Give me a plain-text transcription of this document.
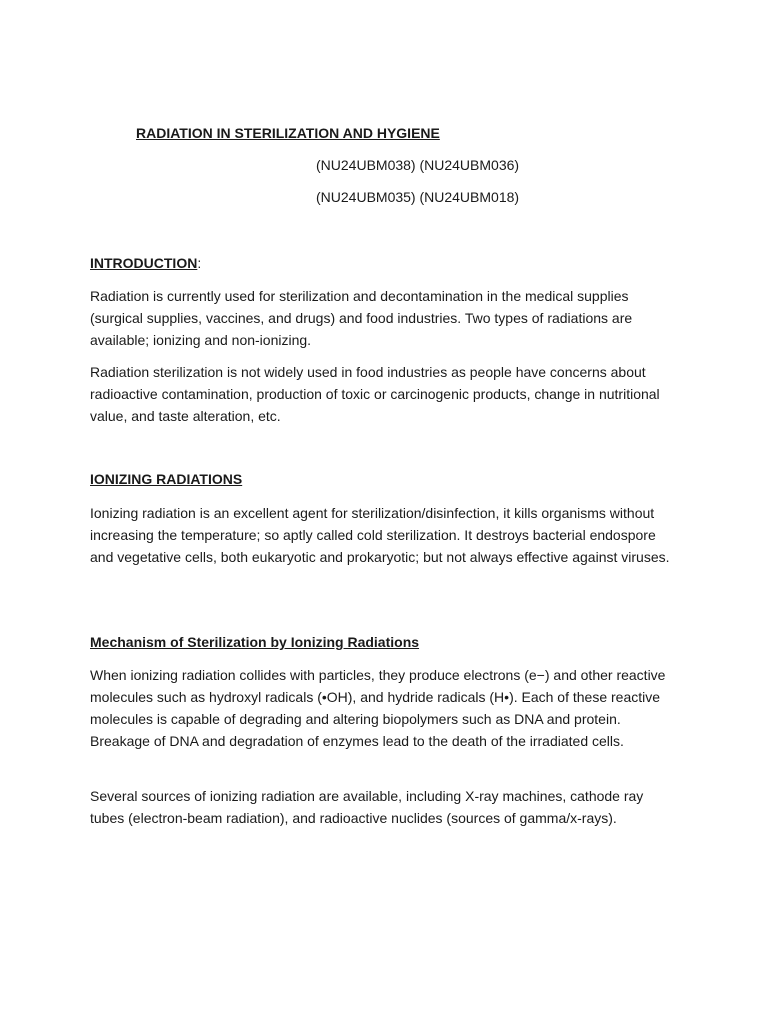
RADIATION IN STERILIZATION AND HYGIENE

(NU24UBM038) (NU24UBM036)

(NU24UBM035) (NU24UBM018)

INTRODUCTION:

Radiation is currently used for sterilization and decontamination in the medical supplies (surgical supplies, vaccines, and drugs) and food industries. Two types of radiations are available; ionizing and non-ionizing.

Radiation sterilization is not widely used in food industries as people have concerns about radioactive contamination, production of toxic or carcinogenic products, change in nutritional value, and taste alteration, etc.

IONIZING RADIATIONS

Ionizing radiation is an excellent agent for sterilization/disinfection, it kills organisms without increasing the temperature; so aptly called cold sterilization. It destroys bacterial endospore and vegetative cells, both eukaryotic and prokaryotic; but not always effective against viruses.

Mechanism of Sterilization by Ionizing Radiations

When ionizing radiation collides with particles, they produce electrons (e−) and other reactive molecules such as hydroxyl radicals (•OH), and hydride radicals (H•). Each of these reactive molecules is capable of degrading and altering biopolymers such as DNA and protein. Breakage of DNA and degradation of enzymes lead to the death of the irradiated cells.

Several sources of ionizing radiation are available, including X-ray machines, cathode ray tubes (electron-beam radiation), and radioactive nuclides (sources of gamma/x-rays).
